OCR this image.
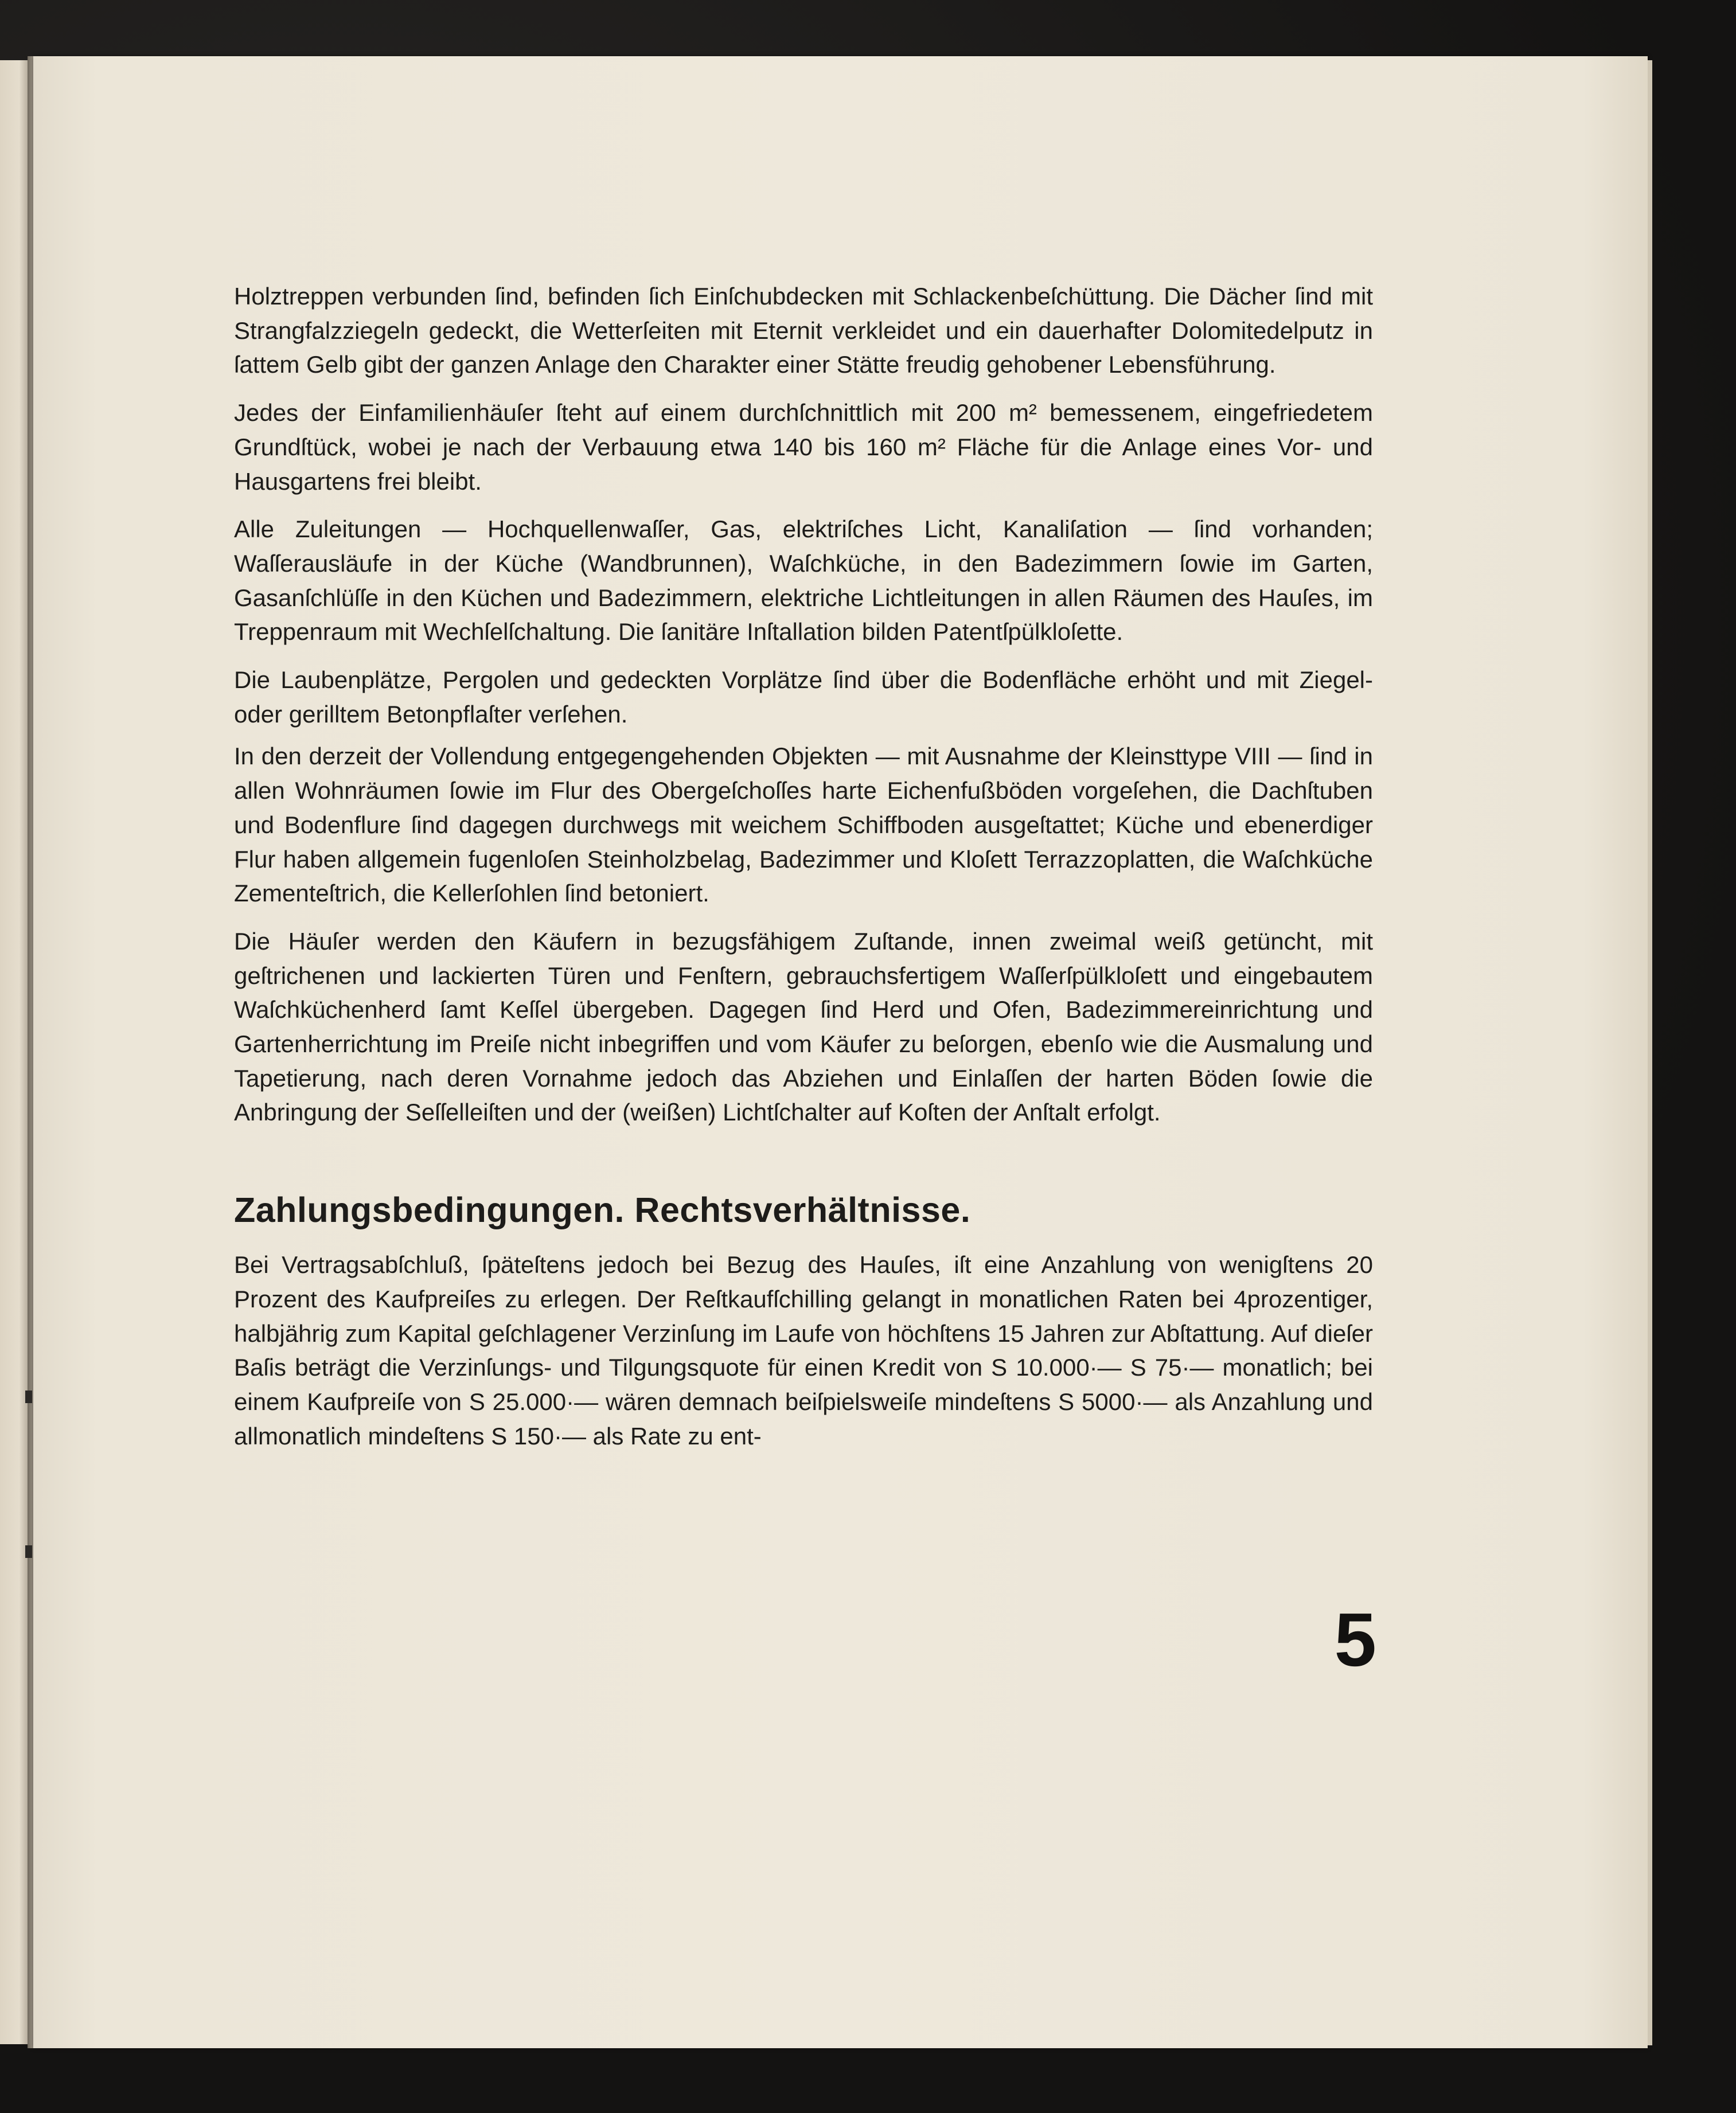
Holztreppen verbunden ſind, befinden ſich Einſchubdecken mit Schlackenbeſchüttung. Die Dächer ſind mit Strangfalzziegeln gedeckt, die Wetterſeiten mit Eternit verkleidet und ein dauerhafter Dolomitedelputz in ſattem Gelb gibt der ganzen Anlage den Charakter einer Stätte freudig gehobener Lebensführung.

Jedes der Einfamilienhäuſer ſteht auf einem durchſchnittlich mit 200 m² bemessenem, eingefriedetem Grundſtück, wobei je nach der Verbauung etwa 140 bis 160 m² Fläche für die Anlage eines Vor- und Hausgartens frei bleibt.

Alle Zuleitungen — Hochquellenwaſſer, Gas, elektriſches Licht, Kanaliſation — ſind vorhanden; Waſſerausläufe in der Küche (Wandbrunnen), Waſchküche, in den Badezimmern ſowie im Garten, Gasanſchlüſſe in den Küchen und Badezimmern, elektriche Lichtleitungen in allen Räumen des Hauſes, im Treppenraum mit Wechſelſchaltung. Die ſanitäre Inſtallation bilden Patentſpülkloſette.

Die Laubenplätze, Pergolen und gedeckten Vorplätze ſind über die Bodenfläche erhöht und mit Ziegel- oder gerilltem Betonpflaſter verſehen.

In den derzeit der Vollendung entgegengehenden Objekten — mit Ausnahme der Kleinsttype VIII — ſind in allen Wohnräumen ſowie im Flur des Obergeſchoſſes harte Eichenfußböden vorgeſehen, die Dachſtuben und Bodenflure ſind dagegen durchwegs mit weichem Schiffboden ausgeſtattet; Küche und ebenerdiger Flur haben allgemein fugenloſen Steinholzbelag, Badezimmer und Kloſett Terrazzoplatten, die Waſchküche Zementeſtrich, die Kellerſohlen ſind betoniert.

Die Häuſer werden den Käufern in bezugsfähigem Zuſtande, innen zweimal weiß getüncht, mit geſtrichenen und lackierten Türen und Fenſtern, gebrauchsfertigem Waſſerſpülkloſett und eingebautem Waſchküchenherd ſamt Keſſel übergeben. Dagegen ſind Herd und Ofen, Badezimmereinrichtung und Gartenherrichtung im Preiſe nicht inbegriffen und vom Käufer zu beſorgen, ebenſo wie die Ausmalung und Tapetierung, nach deren Vornahme jedoch das Abziehen und Einlaſſen der harten Böden ſowie die Anbringung der Seſſelleiſten und der (weißen) Lichtſchalter auf Koſten der Anſtalt erfolgt.

Zahlungsbedingungen. Rechtsverhältnisse.

Bei Vertragsabſchluß, ſpäteſtens jedoch bei Bezug des Hauſes, iſt eine Anzahlung von wenigſtens 20 Prozent des Kaufpreiſes zu erlegen. Der Reſtkaufſchilling gelangt in monatlichen Raten bei 4prozentiger, halbjährig zum Kapital geſchlagener Verzinſung im Laufe von höchſtens 15 Jahren zur Abſtattung. Auf dieſer Baſis beträgt die Verzinſungs- und Tilgungsquote für einen Kredit von S 10.000·— S 75·— monatlich; bei einem Kaufpreiſe von S 25.000·— wären demnach beiſpielsweiſe mindeſtens S 5000·— als Anzahlung und allmonatlich mindeſtens S 150·— als Rate zu ent-

5
